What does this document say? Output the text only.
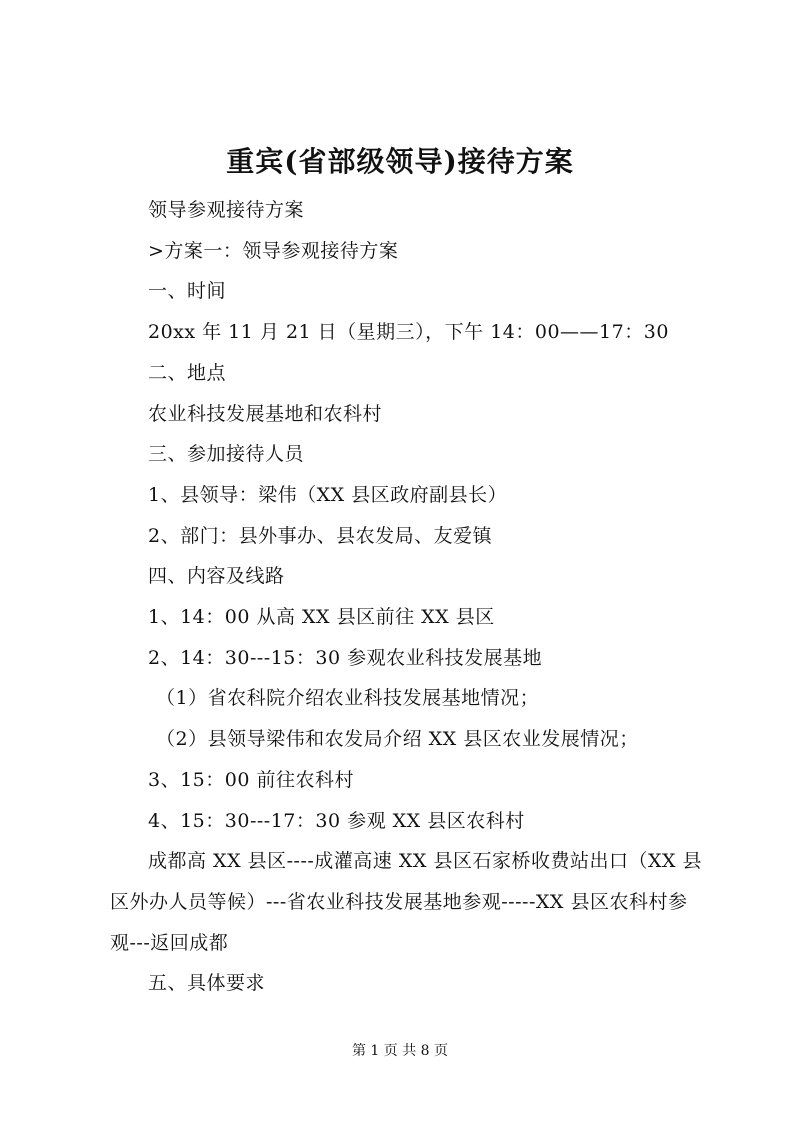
重宾(省部级领导)接待方案

领导参观接待方案

>方案一：领导参观接待方案

一、时间

20xx 年 11 月 21 日（星期三），下午 14：00——17：30

二、地点

农业科技发展基地和农科村

三、参加接待人员

1、县领导：梁伟（XX 县区政府副县长）

2、部门：县外事办、县农发局、友爱镇

四、内容及线路

1、14：00 从高 XX 县区前往 XX 县区

2、14：30---15：30 参观农业科技发展基地

（1）省农科院介绍农业科技发展基地情况；

（2）县领导梁伟和农发局介绍 XX 县区农业发展情况；

3、15：00 前往农科村

4、15：30---17：30 参观 XX 县区农科村

成都高 XX 县区----成灌高速 XX 县区石家桥收费站出口（XX 县区外办人员等候）---省农业科技发展基地参观-----XX 县区农科村参观---返回成都

五、具体要求

第 1 页 共 8 页
